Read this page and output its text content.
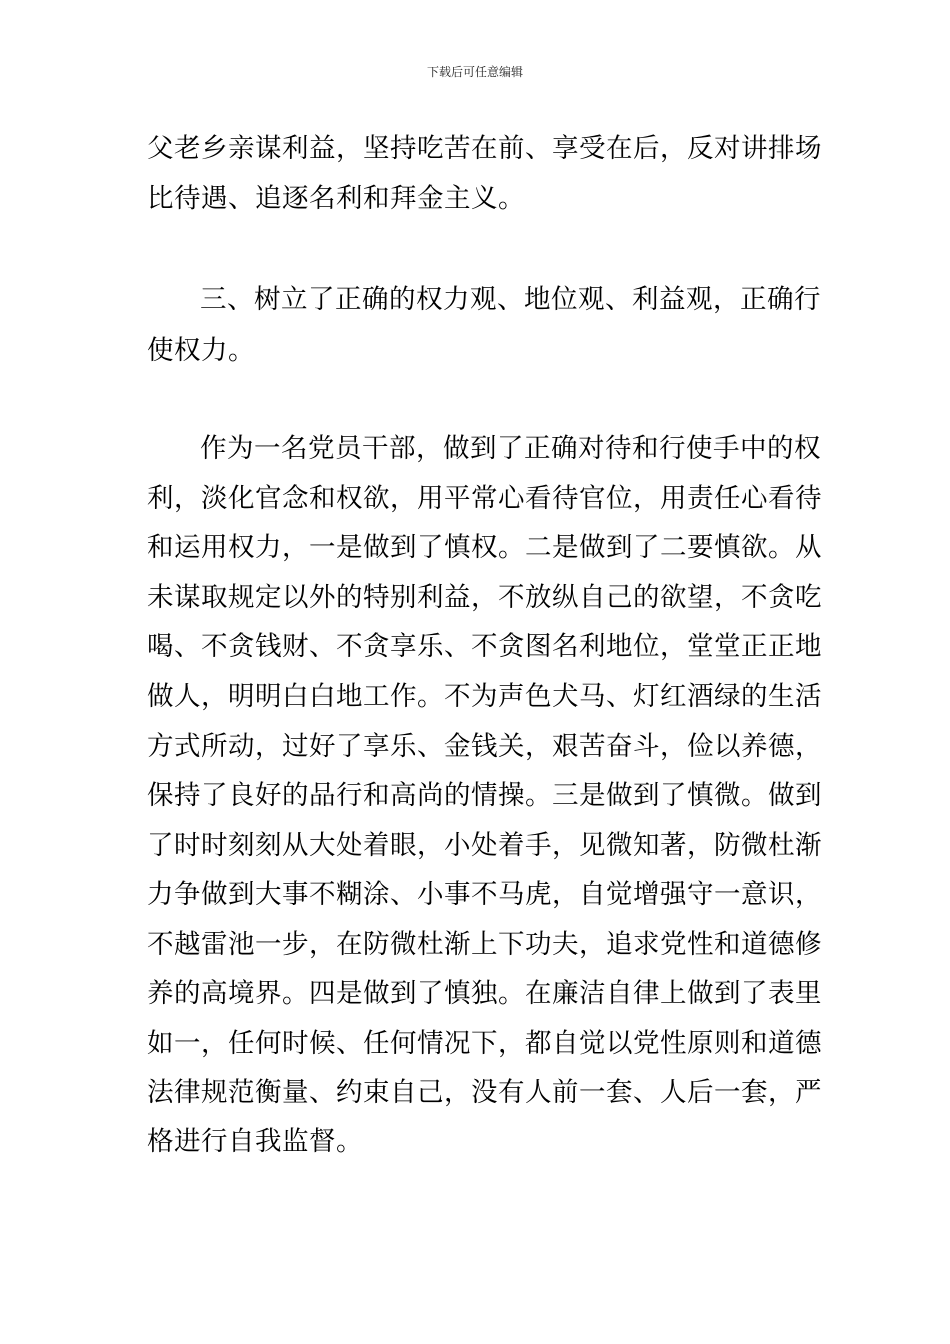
下载后可任意编辑
父老乡亲谋利益，坚持吃苦在前、享受在后，反对讲排场
比待遇、追逐名利和拜金主义。
三、树立了正确的权力观、地位观、利益观，正确行
使权力。
作为一名党员干部，做到了正确对待和行使手中的权
利，淡化官念和权欲，用平常心看待官位，用责任心看待
和运用权力，一是做到了慎权。二是做到了二要慎欲。从
未谋取规定以外的特别利益，不放纵自己的欲望，不贪吃
喝、不贪钱财、不贪享乐、不贪图名利地位，堂堂正正地
做人，明明白白地工作。不为声色犬马、灯红酒绿的生活
方式所动，过好了享乐、金钱关，艰苦奋斗，俭以养德，
保持了良好的品行和高尚的情操。三是做到了慎微。做到
了时时刻刻从大处着眼，小处着手，见微知著，防微杜渐
力争做到大事不糊涂、小事不马虎，自觉增强守一意识，
不越雷池一步，在防微杜渐上下功夫，追求党性和道德修
养的高境界。四是做到了慎独。在廉洁自律上做到了表里
如一，任何时候、任何情况下，都自觉以党性原则和道德
法律规范衡量、约束自己，没有人前一套、人后一套，严
格进行自我监督。
